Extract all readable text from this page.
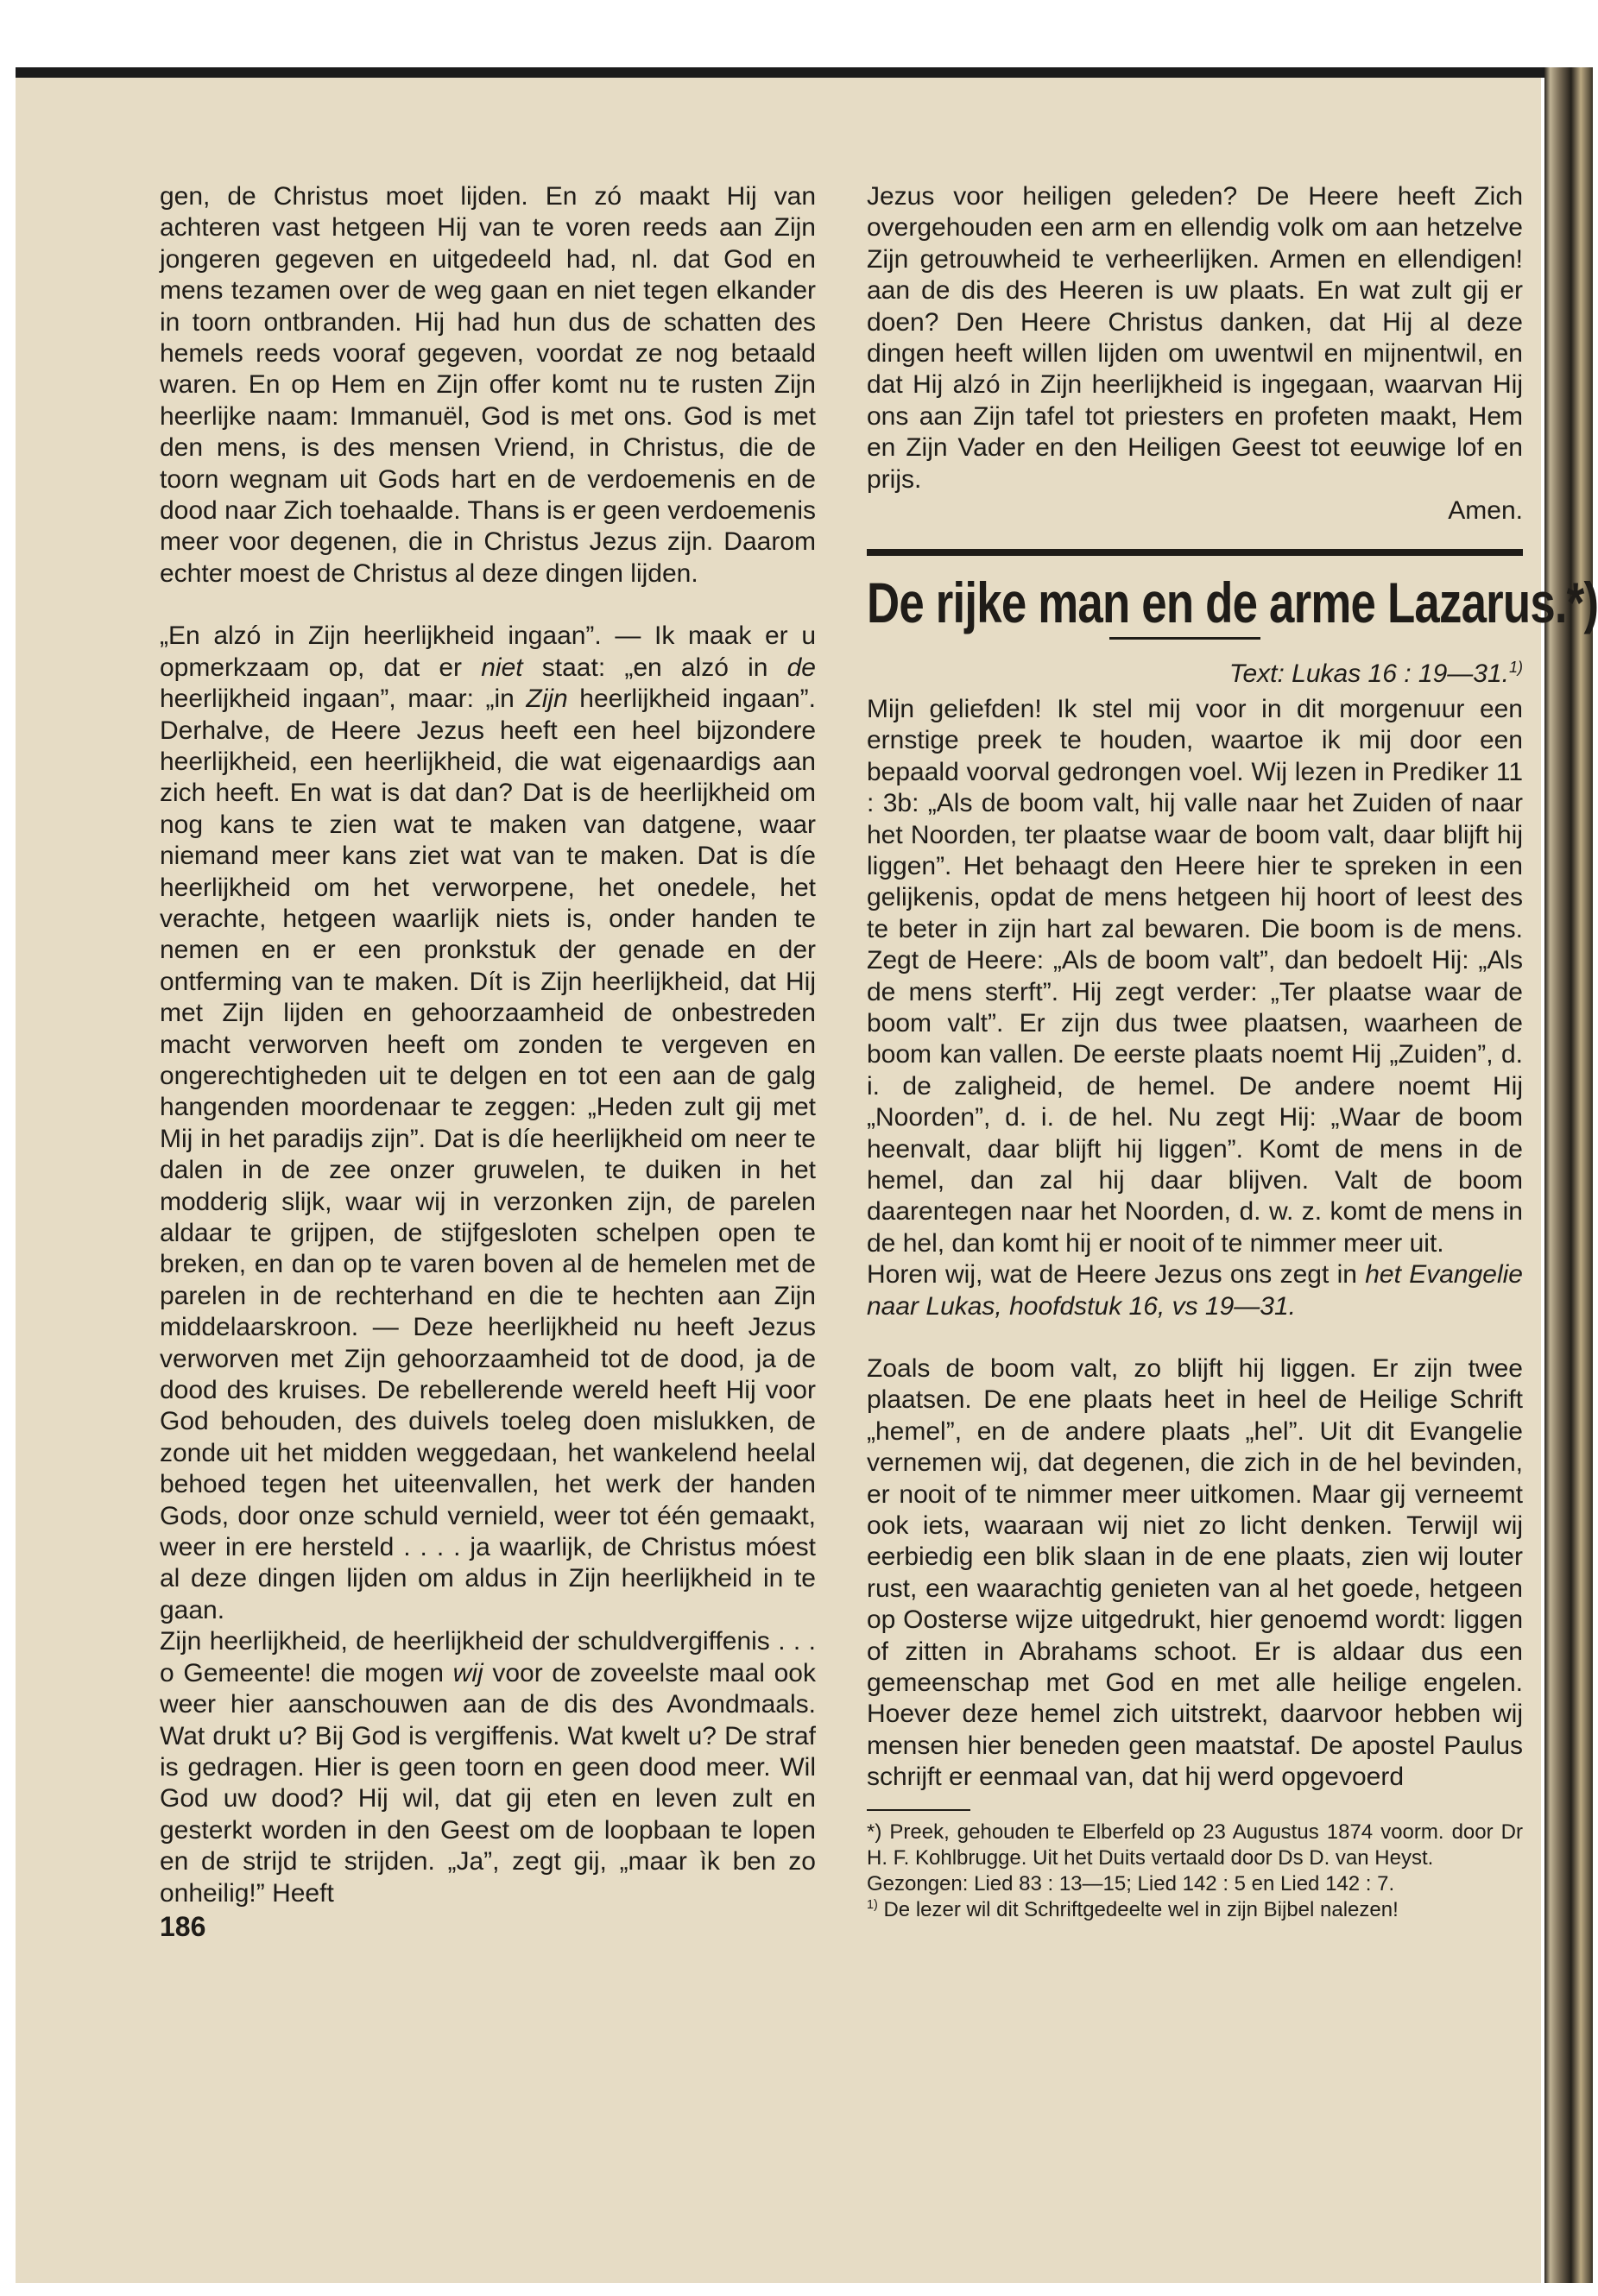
gen, de Christus moet lijden. En zó maakt Hij van achteren vast hetgeen Hij van te voren reeds aan Zijn jongeren gegeven en uitgedeeld had, nl. dat God en mens tezamen over de weg gaan en niet tegen elkander in toorn ontbranden. Hij had hun dus de schatten des hemels reeds vooraf gegeven, voordat ze nog betaald waren. En op Hem en Zijn offer komt nu te rusten Zijn heerlijke naam: Immanuël, God is met ons. God is met den mens, is des mensen Vriend, in Christus, die de toorn wegnam uit Gods hart en de verdoemenis en de dood naar Zich toehaalde. Thans is er geen verdoemenis meer voor degenen, die in Christus Jezus zijn. Daarom echter moest de Christus al deze dingen lijden.

„En alzó in Zijn heerlijkheid ingaan”. — Ik maak er u opmerkzaam op, dat er niet staat: „en alzó in de heerlijkheid ingaan”, maar: „in Zijn heerlijkheid ingaan”. Derhalve, de Heere Jezus heeft een heel bijzondere heerlijkheid, een heerlijkheid, die wat eigenaardigs aan zich heeft. En wat is dat dan? Dat is de heerlijkheid om nog kans te zien wat te maken van datgene, waar niemand meer kans ziet wat van te maken. Dat is díe heerlijkheid om het verworpene, het onedele, het verachte, hetgeen waarlijk niets is, onder handen te nemen en er een pronkstuk der genade en der ontferming van te maken. Dít is Zijn heerlijkheid, dat Hij met Zijn lijden en gehoorzaamheid de onbestreden macht verworven heeft om zonden te vergeven en ongerechtigheden uit te delgen en tot een aan de galg hangenden moordenaar te zeggen: „Heden zult gij met Mij in het paradijs zijn”. Dat is díe heerlijkheid om neer te dalen in de zee onzer gruwelen, te duiken in het modderig slijk, waar wij in verzonken zijn, de parelen aldaar te grijpen, de stijfgesloten schelpen open te breken, en dan op te varen boven al de hemelen met de parelen in de rechterhand en die te hechten aan Zijn middelaarskroon. — Deze heerlijkheid nu heeft Jezus verworven met Zijn gehoorzaamheid tot de dood, ja de dood des kruises. De rebellerende wereld heeft Hij voor God behouden, des duivels toeleg doen mislukken, de zonde uit het midden weggedaan, het wankelend heelal behoed tegen het uiteenvallen, het werk der handen Gods, door onze schuld vernield, weer tot één gemaakt, weer in ere hersteld . . . . ja waarlijk, de Christus móest al deze dingen lijden om aldus in Zijn heerlijkheid in te gaan.

Zijn heerlijkheid, de heerlijkheid der schuldvergiffenis . . . o Gemeente! die mogen wij voor de zoveelste maal ook weer hier aanschouwen aan de dis des Avondmaals. Wat drukt u? Bij God is vergiffenis. Wat kwelt u? De straf is gedragen. Hier is geen toorn en geen dood meer. Wil God uw dood? Hij wil, dat gij eten en leven zult en gesterkt worden in den Geest om de loopbaan te lopen en de strijd te strijden. „Ja”, zegt gij, „maar ìk ben zo onheilig!” Heeft

186

Jezus voor heiligen geleden? De Heere heeft Zich overgehouden een arm en ellendig volk om aan hetzelve Zijn getrouwheid te verheerlijken. Armen en ellendigen! aan de dis des Heeren is uw plaats. En wat zult gij er doen? Den Heere Christus danken, dat Hij al deze dingen heeft willen lijden om uwentwil en mijnentwil, en dat Hij alzó in Zijn heerlijkheid is ingegaan, waarvan Hij ons aan Zijn tafel tot priesters en profeten maakt, Hem en Zijn Vader en den Heiligen Geest tot eeuwige lof en prijs.

Amen.

De rijke man en de arme Lazarus.*)
Text: Lukas 16 : 19—31.$^{1)}$

Mijn geliefden! Ik stel mij voor in dit morgenuur een ernstige preek te houden, waartoe ik mij door een bepaald voorval gedrongen voel. Wij lezen in Prediker 11 : 3b: „Als de boom valt, hij valle naar het Zuiden of naar het Noorden, ter plaatse waar de boom valt, daar blijft hij liggen”. Het behaagt den Heere hier te spreken in een gelijkenis, opdat de mens hetgeen hij hoort of leest des te beter in zijn hart zal bewaren. Die boom is de mens. Zegt de Heere: „Als de boom valt”, dan bedoelt Hij: „Als de mens sterft”. Hij zegt verder: „Ter plaatse waar de boom valt”. Er zijn dus twee plaatsen, waarheen de boom kan vallen. De eerste plaats noemt Hij „Zuiden”, d. i. de zaligheid, de hemel. De andere noemt Hij „Noorden”, d. i. de hel. Nu zegt Hij: „Waar de boom heenvalt, daar blijft hij liggen”. Komt de mens in de hemel, dan zal hij daar blijven. Valt de boom daarentegen naar het Noorden, d. w. z. komt de mens in de hel, dan komt hij er nooit of te nimmer meer uit.

Horen wij, wat de Heere Jezus ons zegt in het Evangelie naar Lukas, hoofdstuk 16, vs 19—31.

Zoals de boom valt, zo blijft hij liggen. Er zijn twee plaatsen. De ene plaats heet in heel de Heilige Schrift „hemel”, en de andere plaats „hel”. Uit dit Evangelie vernemen wij, dat degenen, die zich in de hel bevinden, er nooit of te nimmer meer uitkomen. Maar gij verneemt ook iets, waaraan wij niet zo licht denken. Terwijl wij eerbiedig een blik slaan in de ene plaats, zien wij louter rust, een waarachtig genieten van al het goede, hetgeen op Oosterse wijze uitgedrukt, hier genoemd wordt: liggen of zitten in Abrahams schoot. Er is aldaar dus een gemeenschap met God en met alle heilige engelen. Hoever deze hemel zich uitstrekt, daarvoor hebben wij mensen hier beneden geen maatstaf. De apostel Paulus schrijft er eenmaal van, dat hij werd opgevoerd

*) Preek, gehouden te Elberfeld op 23 Augustus 1874 voorm. door Dr H. F. Kohlbrugge. Uit het Duits vertaald door Ds D. van Heyst.
Gezongen: Lied 83 : 13—15; Lied 142 : 5 en Lied 142 : 7.
$^{1)}$ De lezer wil dit Schriftgedeelte wel in zijn Bijbel nalezen!
